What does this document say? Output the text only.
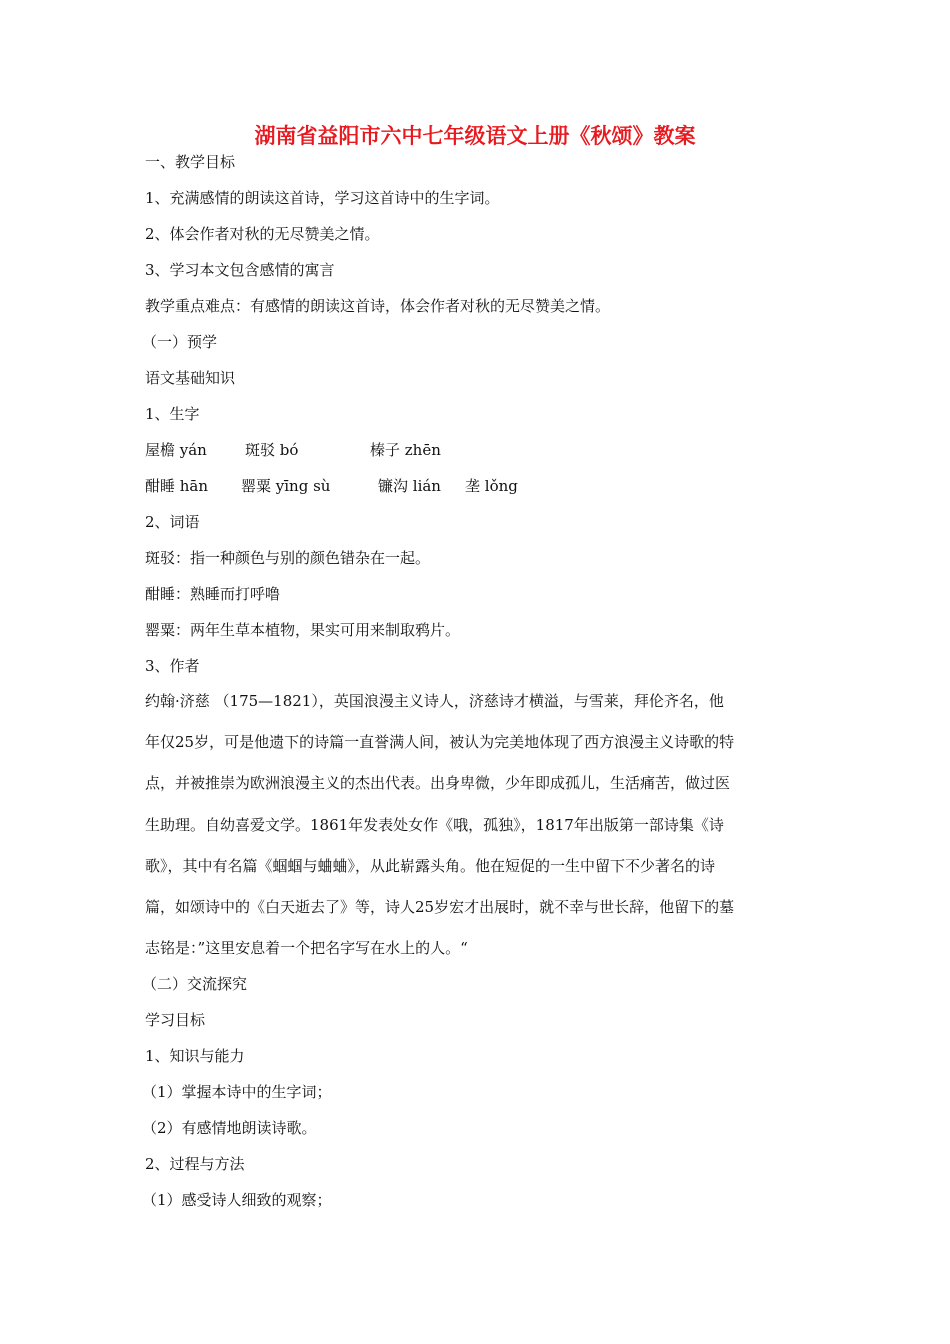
湖南省益阳市六中七年级语文上册《秋颂》教案
一、教学目标
1、充满感情的朗读这首诗，学习这首诗中的生字词。
2、体会作者对秋的无尽赞美之情。
3、学习本文包含感情的寓言
教学重点难点：有感情的朗读这首诗，体会作者对秋的无尽赞美之情。
（一）预学
语文基础知识
1、生字
屋檐 yán	斑驳 bó	榛子 zhēn
酣睡 hān 罂粟 yīng sù	镰沟 lián 垄 lǒng
2、词语
斑驳：指一种颜色与别的颜色错杂在一起。
酣睡：熟睡而打呼噜
罂粟：两年生草本植物，果实可用来制取鸦片。
3、作者
约翰·济慈 （175—1821），英国浪漫主义诗人，济慈诗才横溢，与雪莱，拜伦齐名，他
年仅25岁，可是他遗下的诗篇一直誉满人间，被认为完美地体现了西方浪漫主义诗歌的特
点，并被推崇为欧洲浪漫主义的杰出代表。出身卑微，少年即成孤儿，生活痛苦，做过医
生助理。自幼喜爱文学。1861年发表处女作《哦，孤独》，1817年出版第一部诗集《诗
歌》，其中有名篇《蝈蝈与蛐蛐》，从此崭露头角。他在短促的一生中留下不少著名的诗
篇，如颂诗中的《白天逝去了》等，诗人25岁宏才出展时，就不幸与世长辞，他留下的墓
志铭是：”这里安息着一个把名字写在水上的人。“
（二）交流探究
学习目标
1、知识与能力
（1）掌握本诗中的生字词；
（2）有感情地朗读诗歌。
2、过程与方法
（1）感受诗人细致的观察；
